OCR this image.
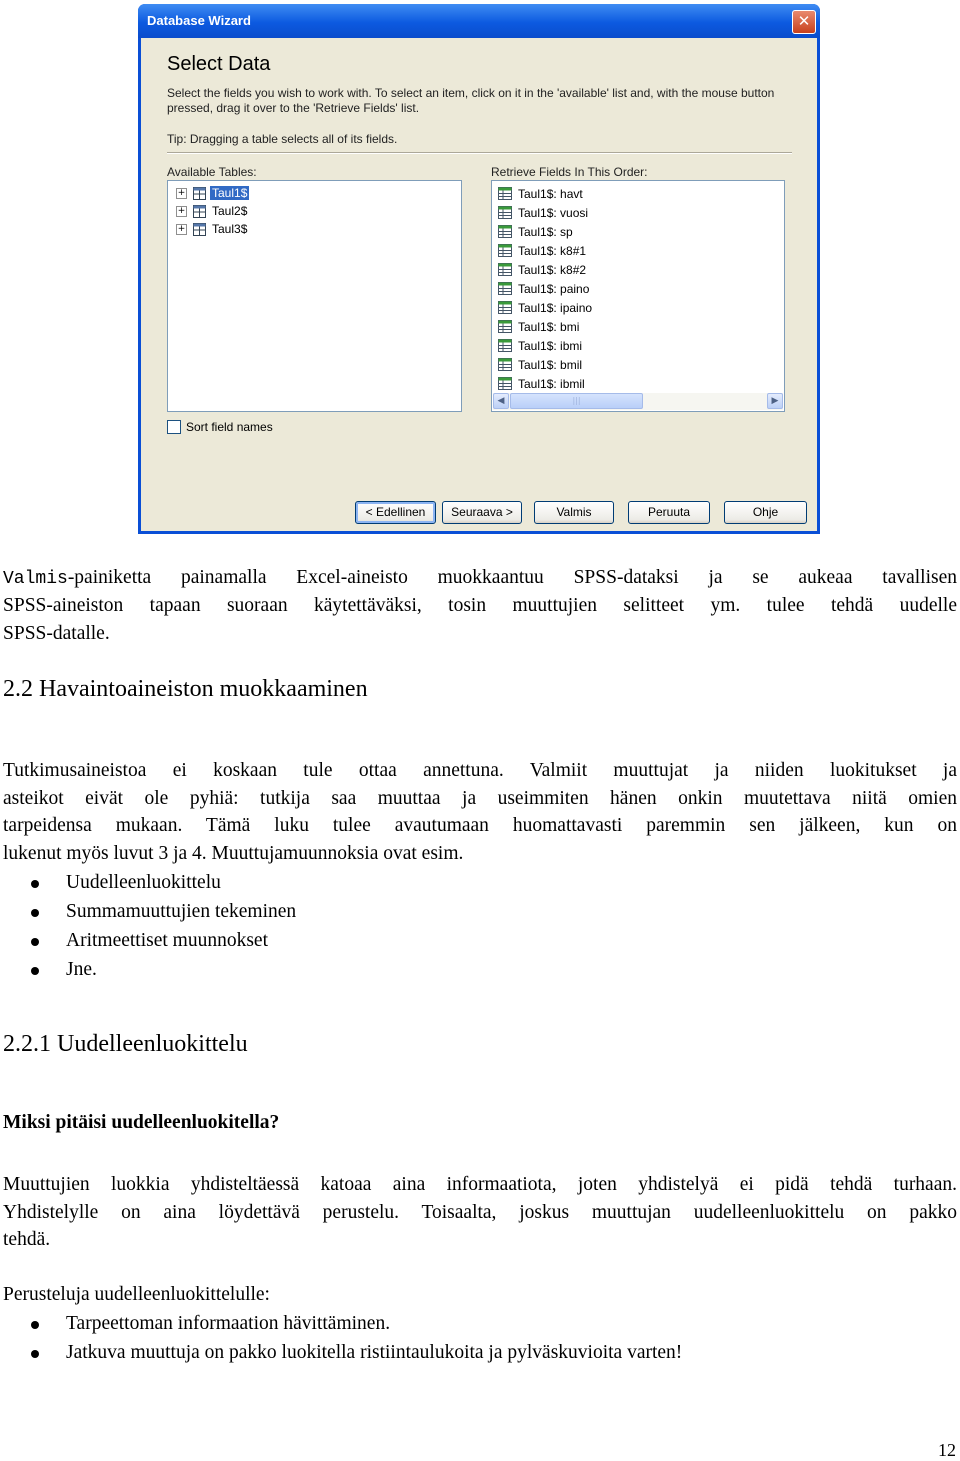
Database Wizard	✕
Select Data
Select the fields you wish to work with. To select an item, click on it in the 'available' list and, with the mouse button pressed, drag it over to the 'Retrieve Fields' list.
Tip: Dragging a table selects all of its fields.
Available Tables:
+ Taul1$
+ Taul2$
+ Taul3$
Retrieve Fields In This Order:
Taul1$: havt
Taul1$: vuosi
Taul1$: sp
Taul1$: k8#1
Taul1$: k8#2
Taul1$: paino
Taul1$: ipaino
Taul1$: bmi
Taul1$: ibmi
Taul1$: bmil
Taul1$: ibmil
◀	|||	▶
Sort field names
< Edellinen	Seuraava >	Valmis	Peruuta	Ohje
Valmis-painiketta painamalla Excel-aineisto muokkaantuu SPSS-dataksi ja se aukeaa tavallisen
SPSS-aineiston tapaan suoraan käytettäväksi, tosin muuttujien selitteet ym. tulee tehdä uudelle
SPSS-datalle.
2.2 Havaintoaineiston muokkaaminen
Tutkimusaineistoa ei koskaan tule ottaa annettuna. Valmiit muuttujat ja niiden luokitukset ja
asteikot eivät ole pyhiä: tutkija saa muuttaa ja useimmiten hänen onkin muutettava niitä omien
tarpeidensa mukaan. Tämä luku tulee avautumaan huomattavasti paremmin sen jälkeen, kun on
lukenut myös luvut 3 ja 4. Muuttujamuunnoksia ovat esim.
Uudelleenluokittelu
Summamuuttujien tekeminen
Aritmeettiset muunnokset
Jne.
2.2.1 Uudelleenluokittelu
Miksi pitäisi uudelleenluokitella?
Muuttujien luokkia yhdisteltäessä katoaa aina informaatiota, joten yhdistelyä ei pidä tehdä turhaan.
Yhdistelylle on aina löydettävä perustelu. Toisaalta, joskus muuttujan uudelleenluokittelu on pakko
tehdä.
Perusteluja uudelleenluokittelulle:
Tarpeettoman informaation hävittäminen.
Jatkuva muuttuja on pakko luokitella ristiintaulukoita ja pylväskuvioita varten!
12
